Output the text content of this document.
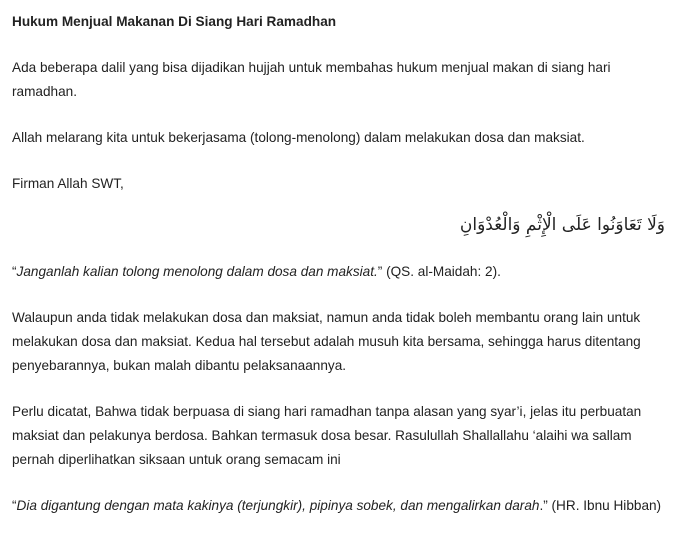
Hukum Menjual Makanan Di Siang Hari Ramadhan

Ada beberapa dalil yang bisa dijadikan hujjah untuk membahas hukum menjual makan di siang hari ramadhan.

Allah melarang kita untuk bekerjasama (tolong-menolong) dalam melakukan dosa dan maksiat.

Firman Allah SWT,

وَلَا تَعَاوَنُوا عَلَى الْإِثْمِ وَالْعُدْوَانِ

“Janganlah kalian tolong menolong dalam dosa dan maksiat.” (QS. al-Maidah: 2).

Walaupun anda tidak melakukan dosa dan maksiat, namun anda tidak boleh membantu orang lain untuk melakukan dosa dan maksiat. Kedua hal tersebut adalah musuh kita bersama, sehingga harus ditentang penyebarannya, bukan malah dibantu pelaksanaannya.

Perlu dicatat, Bahwa tidak berpuasa di siang hari ramadhan tanpa alasan yang syar’i, jelas itu perbuatan maksiat dan pelakunya berdosa. Bahkan termasuk dosa besar. Rasulullah Shallallahu ‘alaihi wa sallam pernah diperlihatkan siksaan untuk orang semacam ini

“Dia digantung dengan mata kakinya (terjungkir), pipinya sobek, dan mengalirkan darah.” (HR. Ibnu Hibban)
